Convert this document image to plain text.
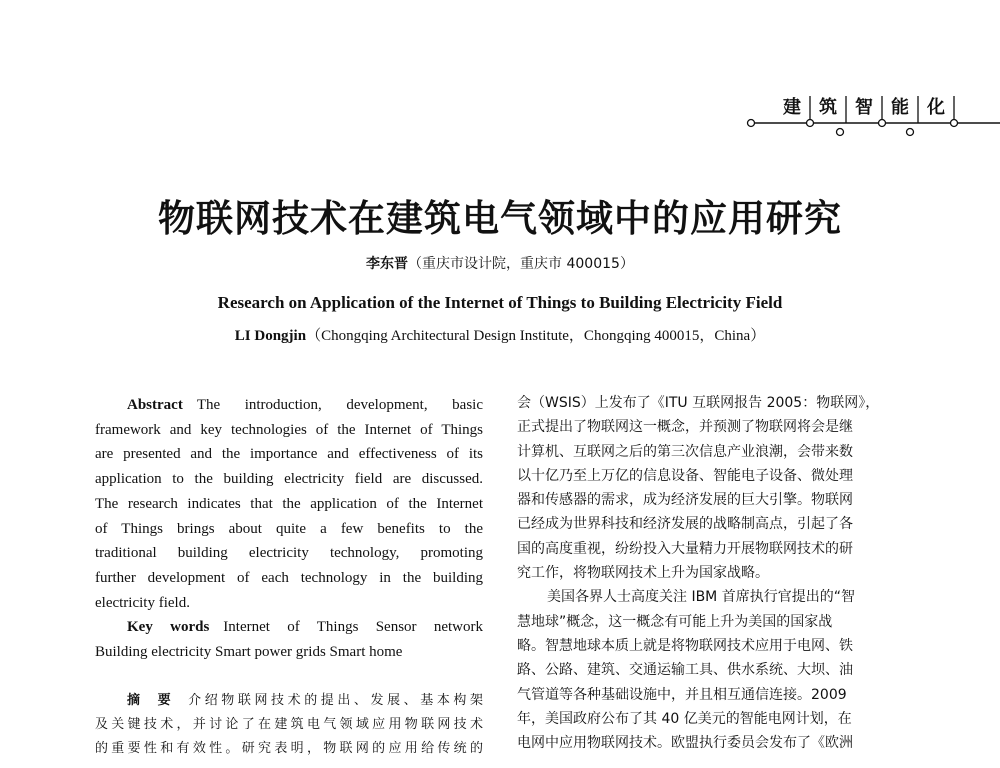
建	筑	智	能	化
物联网技术在建筑电气领域中的应用研究
李东晋（重庆市设计院，重庆市 400015）
Research on Application of the Internet of Things to Building Electricity Field
LI Dongjin（Chongqing Architectural Design Institute，Chongqing 400015，China）
Abstract The introduction, development, basic
framework and key technologies of the Internet of Things
are presented and the importance and effectiveness of its
application to the building electricity field are discussed.
The research indicates that the application of the Internet
of Things brings about quite a few benefits to the
traditional building electricity technology, promoting
further development of each technology in the building
electricity field.
Key words Internet of Things Sensor network
Building electricity Smart power grids Smart home
摘要介绍物联网技术的提出、发展、基本构架
及关键技术，并讨论了在建筑电气领域应用物联网技术
的重要性和有效性。研究表明，物联网的应用给传统的
会（WSIS）上发布了《ITU 互联网报告 2005：物联网》，
正式提出了物联网这一概念，并预测了物联网将会是继
计算机、互联网之后的第三次信息产业浪潮，会带来数
以十亿乃至上万亿的信息设备、智能电子设备、微处理
器和传感器的需求，成为经济发展的巨大引擎。物联网
已经成为世界科技和经济发展的战略制高点，引起了各
国的高度重视，纷纷投入大量精力开展物联网技术的研
究工作，将物联网技术上升为国家战略。
美国各界人士高度关注 IBM 首席执行官提出的“智
慧地球”概念，这一概念有可能上升为美国的国家战
略。智慧地球本质上就是将物联网技术应用于电网、铁
路、公路、建筑、交通运输工具、供水系统、大坝、油
气管道等各种基础设施中，并且相互通信连接。2009
年，美国政府公布了其 40 亿美元的智能电网计划，在
电网中应用物联网技术。欧盟执行委员会发布了《欧洲
